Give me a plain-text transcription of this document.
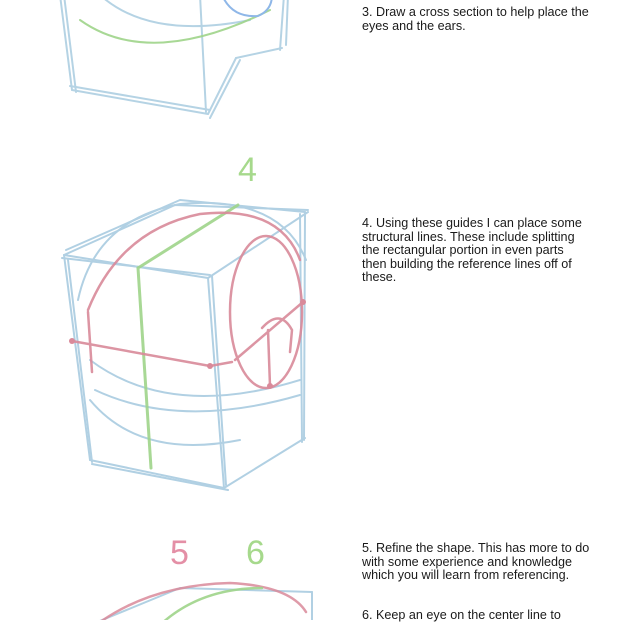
4
5 6

3. Draw a cross section to help place the eyes and the ears.

4. Using these guides I can place some structural lines. These include splitting the rectangular portion in even parts then building the reference lines off of these.

5. Refine the shape. This has more to do with some experience and knowledge which you will learn from referencing.

6. Keep an eye on the center line to
